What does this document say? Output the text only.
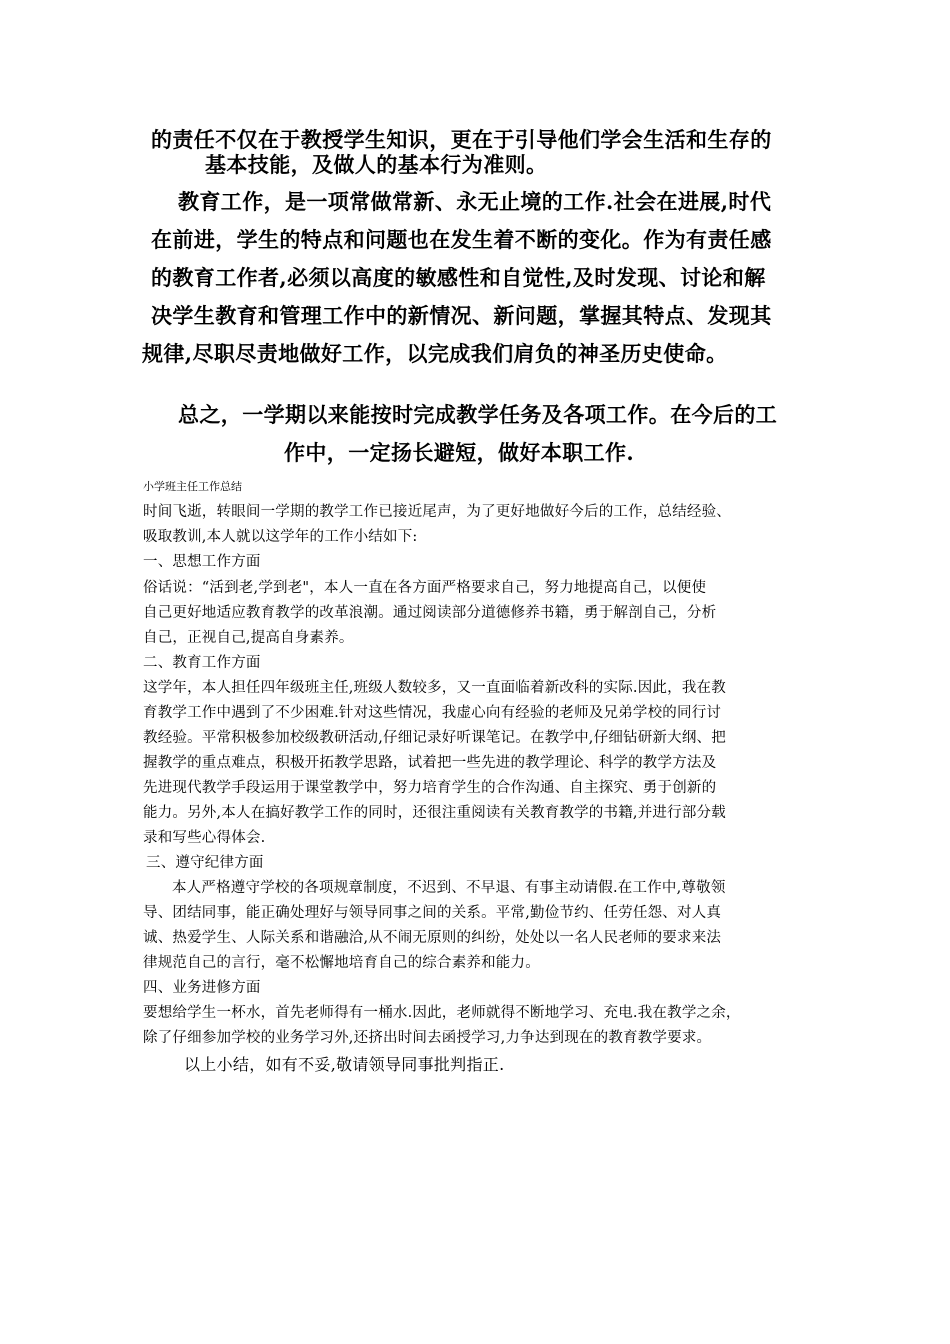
的责任不仅在于教授学生知识，更在于引导他们学会生活和生存的

基本技能，及做人的基本行为准则。

教育工作，是一项常做常新、永无止境的工作.社会在进展,时代

在前进，学生的特点和问题也在发生着不断的变化。作为有责任感

的教育工作者,必须以高度的敏感性和自觉性,及时发现、讨论和解

决学生教育和管理工作中的新情况、新问题，掌握其特点、发现其

规律,尽职尽责地做好工作，以完成我们肩负的神圣历史使命。

总之，一学期以来能按时完成教学任务及各项工作。在今后的工

作中，一定扬长避短，做好本职工作.

小学班主任工作总结

时间飞逝，转眼间一学期的教学工作已接近尾声，为了更好地做好今后的工作，总结经验、

吸取教训,本人就以这学年的工作小结如下:

一、思想工作方面

俗话说：“活到老,学到老"，本人一直在各方面严格要求自己，努力地提高自己，以便使

自己更好地适应教育教学的改革浪潮。通过阅读部分道德修养书籍，勇于解剖自己，分析

自己，正视自己,提高自身素养。

二、教育工作方面

这学年，本人担任四年级班主任,班级人数较多，又一直面临着新改科的实际.因此，我在教

育教学工作中遇到了不少困难.针对这些情况，我虚心向有经验的老师及兄弟学校的同行讨

教经验。平常积极参加校级教研活动,仔细记录好听课笔记。在教学中,仔细钻研新大纲、把

握教学的重点难点，积极开拓教学思路，试着把一些先进的教学理论、科学的教学方法及

先进现代教学手段运用于课堂教学中，努力培育学生的合作沟通、自主探究、勇于创新的

能力。另外,本人在搞好教学工作的同时，还很注重阅读有关教育教学的书籍,并进行部分载

录和写些心得体会.

三、遵守纪律方面

本人严格遵守学校的各项规章制度，不迟到、不早退、有事主动请假.在工作中,尊敬领

导、团结同事，能正确处理好与领导同事之间的关系。平常,勤俭节约、任劳任怨、对人真

诚、热爱学生、人际关系和谐融洽,从不闹无原则的纠纷，处处以一名人民老师的要求来法

律规范自己的言行，毫不松懈地培育自己的综合素养和能力。

四、业务进修方面

要想给学生一杯水，首先老师得有一桶水.因此，老师就得不断地学习、充电.我在教学之余，

除了仔细参加学校的业务学习外,还挤出时间去函授学习,力争达到现在的教育教学要求。

以上小结，如有不妥,敬请领导同事批判指正.
